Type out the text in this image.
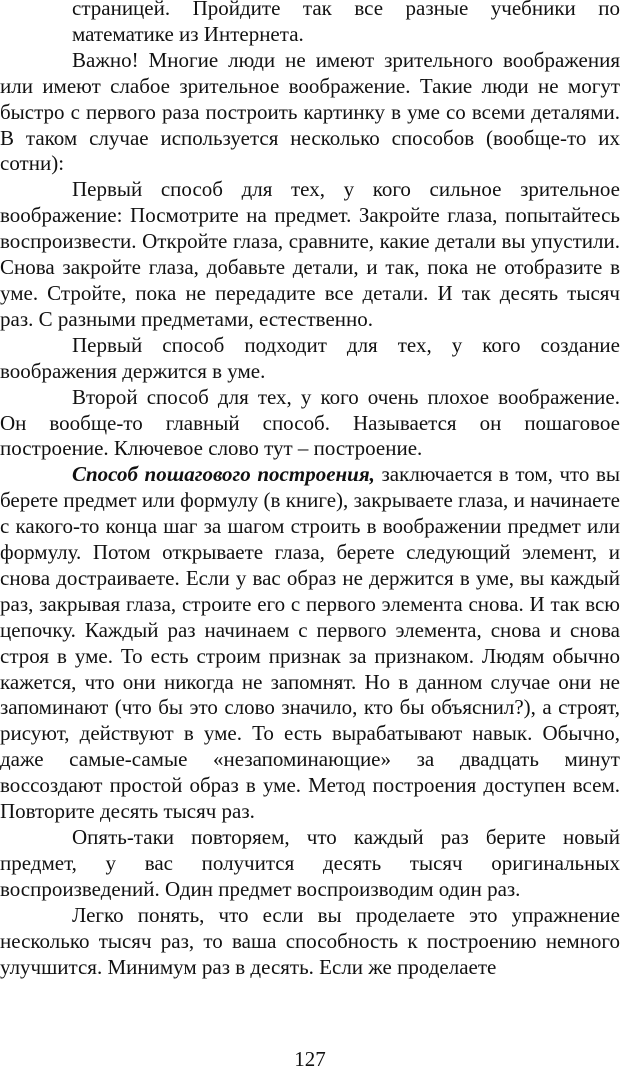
страницей. Пройдите так все разные учебники по математике из Интернета.

Важно! Многие люди не имеют зрительного воображения или имеют слабое зрительное воображение. Такие люди не могут быстро с первого раза построить картинку в уме со всеми деталями. В таком случае используется несколько способов (вообще-то их сотни):

Первый способ для тех, у кого сильное зрительное воображение: Посмотрите на предмет. Закройте глаза, попытайтесь воспроизвести. Откройте глаза, сравните, какие детали вы упустили. Снова закройте глаза, добавьте детали, и так, пока не отобразите в уме. Стройте, пока не передадите все детали. И так десять тысяч раз. С разными предметами, естественно.

Первый способ подходит для тех, у кого создание воображения держится в уме.

Второй способ для тех, у кого очень плохое воображение. Он вообще-то главный способ. Называется он пошаговое построение. Ключевое слово тут – построение.

Способ пошагового построения, заключается в том, что вы берете предмет или формулу (в книге), закрываете глаза, и начинаете с какого-то конца шаг за шагом строить в воображении предмет или формулу. Потом открываете глаза, берете следующий элемент, и снова достраиваете. Если у вас образ не держится в уме, вы каждый раз, закрывая глаза, строите его с первого элемента снова. И так всю цепочку. Каждый раз начинаем с первого элемента, снова и снова строя в уме. То есть строим признак за признаком. Людям обычно кажется, что они никогда не запомнят. Но в данном случае они не запоминают (что бы это слово значило, кто бы объяснил?), а строят, рисуют, действуют в уме. То есть вырабатывают навык. Обычно, даже самые-самые «незапоминающие» за двадцать минут воссоздают простой образ в уме. Метод построения доступен всем. Повторите десять тысяч раз.

Опять-таки повторяем, что каждый раз берите новый предмет, у вас получится десять тысяч оригинальных воспроизведений. Один предмет воспроизводим один раз.

Легко понять, что если вы проделаете это упражнение несколько тысяч раз, то ваша способность к построению немного улучшится. Минимум раз в десять. Если же проделаете

127
